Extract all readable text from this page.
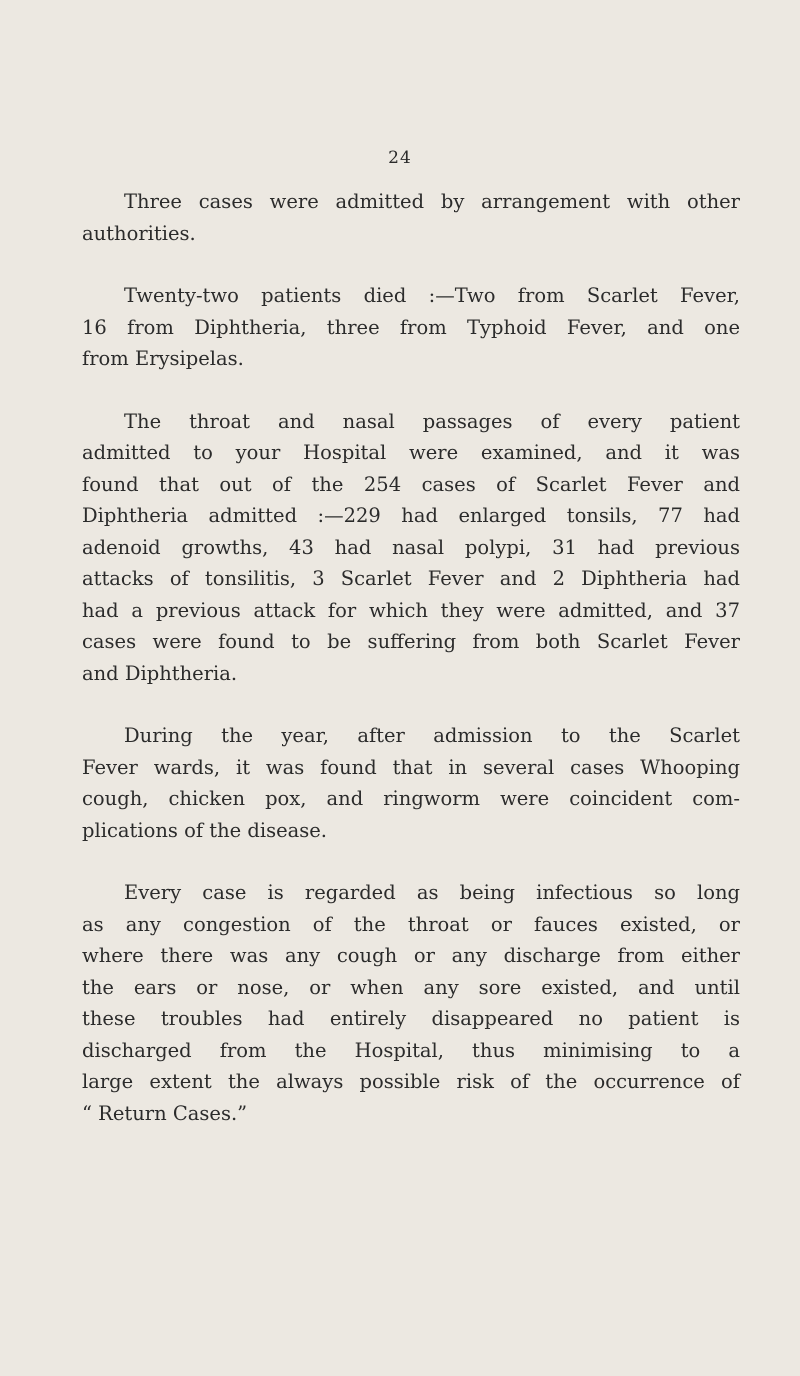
24

Three cases were admitted by arrangement with other
authorities.

Twenty-two patients died :—Two from Scarlet Fever,
16 from Diphtheria, three from Typhoid Fever, and one
from Erysipelas.

The throat and nasal passages of every patient
admitted to your Hospital were examined, and it was
found that out of the 254 cases of Scarlet Fever and
Diphtheria admitted :—229 had enlarged tonsils, 77 had
adenoid growths, 43 had nasal polypi, 31 had previous
attacks of tonsilitis, 3 Scarlet Fever and 2 Diphtheria had
had a previous attack for which they were admitted, and 37
cases were found to be suffering from both Scarlet Fever
and Diphtheria.

During the year, after admission to the Scarlet
Fever wards, it was found that in several cases Whooping
cough, chicken pox, and ringworm were coincident com-
plications of the disease.

Every case is regarded as being infectious so long
as any congestion of the throat or fauces existed, or
where there was any cough or any discharge from either
the ears or nose, or when any sore existed, and until
these troubles had entirely disappeared no patient is
discharged from the Hospital, thus minimising to a
large extent the always possible risk of the occurrence of
“ Return Cases.”
